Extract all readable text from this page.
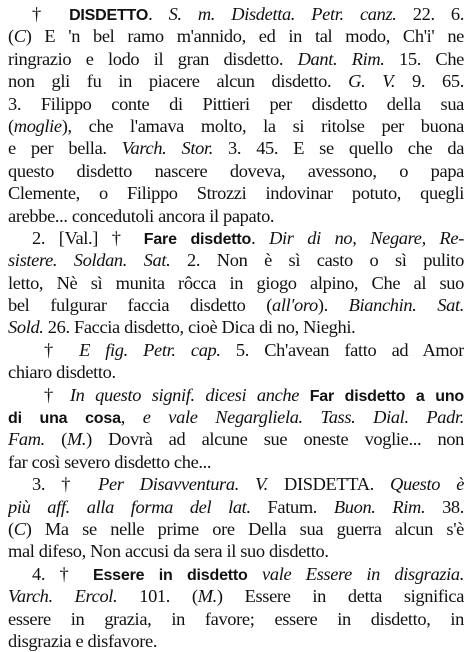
† DISDETTO. S. m. Disdetta. Petr. canz. 22. 6.
(C) E 'n bel ramo m'annido, ed in tal modo, Ch'i' ne
ringrazio e lodo il gran disdetto. Dant. Rim. 15. Che
non gli fu in piacere alcun disdetto. G. V. 9. 65.
3. Filippo conte di Pittieri per disdetto della sua
(moglie), che l'amava molto, la si ritolse per buona
e per bella. Varch. Stor. 3. 45. E se quello che da
questo disdetto nascere doveva, avessono, o papa
Clemente, o Filippo Strozzi indovinar potuto, quegli
arebbe... concedutoli ancora il papato.
2. [Val.] † Fare disdetto. Dir di no, Negare, Re-
sistere. Soldan. Sat. 2. Non è sì casto o sì pulito
letto, Nè sì munita rôcca in giogo alpino, Che al suo
bel fulgurar faccia disdetto (all'oro). Bianchin. Sat.
Sold. 26. Faccia disdetto, cioè Dica di no, Nieghi.
† E fig. Petr. cap. 5. Ch'avean fatto ad Amor
chiaro disdetto.
† In questo signif. dicesi anche Far disdetto a uno
di una cosa, e vale Negargliela. Tass. Dial. Padr.
Fam. (M.) Dovrà ad alcune sue oneste voglie... non
far così severo disdetto che...
3. † Per Disavventura. V. DISDETTA. Questo è
più aff. alla forma del lat. Fatum. Buon. Rim. 38.
(C) Ma se nelle prime ore Della sua guerra alcun s'è
mal difeso, Non accusi da sera il suo disdetto.
4. † Essere in disdetto vale Essere in disgrazia.
Varch. Ercol. 101. (M.) Essere in detta significa
essere in grazia, in favore; essere in disdetto, in
disgrazia e disfavore.
